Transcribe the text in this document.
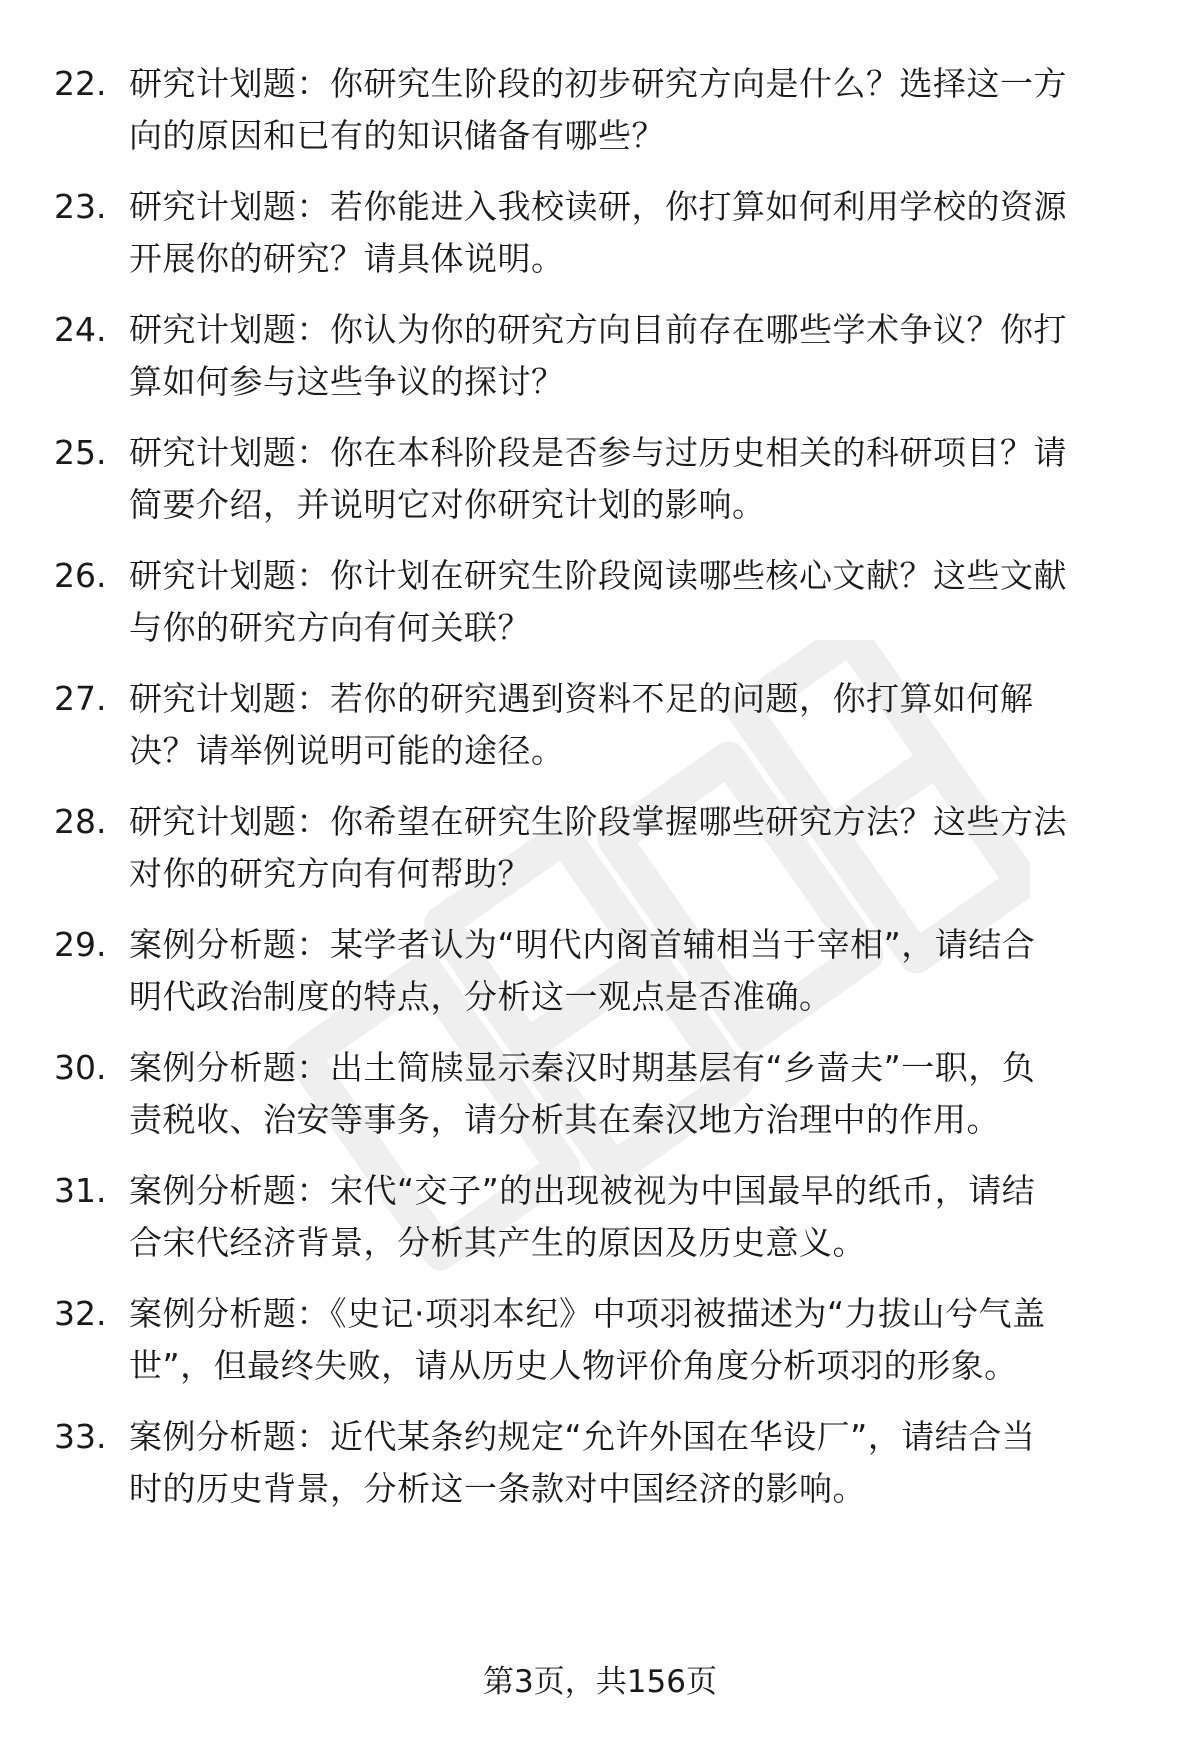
22. 研究计划题：你研究生阶段的初步研究方向是什么？选择这一方
向的原因和已有的知识储备有哪些？
23. 研究计划题：若你能进入我校读研，你打算如何利用学校的资源
开展你的研究？请具体说明。
24. 研究计划题：你认为你的研究方向目前存在哪些学术争议？你打
算如何参与这些争议的探讨？
25. 研究计划题：你在本科阶段是否参与过历史相关的科研项目？请
简要介绍，并说明它对你研究计划的影响。
26. 研究计划题：你计划在研究生阶段阅读哪些核心文献？这些文献
与你的研究方向有何关联？
27. 研究计划题：若你的研究遇到资料不足的问题，你打算如何解
决？请举例说明可能的途径。
28. 研究计划题：你希望在研究生阶段掌握哪些研究方法？这些方法
对你的研究方向有何帮助？
29. 案例分析题：某学者认为“明代内阁首辅相当于宰相”，请结合
明代政治制度的特点，分析这一观点是否准确。
30. 案例分析题：出土简牍显示秦汉时期基层有“乡啬夫”一职，负
责税收、治安等事务，请分析其在秦汉地方治理中的作用。
31. 案例分析题：宋代“交子”的出现被视为中国最早的纸币，请结
合宋代经济背景，分析其产生的原因及历史意义。
32. 案例分析题：《史记·项羽本纪》中项羽被描述为“力拔山兮气盖
世”，但最终失败，请从历史人物评价角度分析项羽的形象。
33. 案例分析题：近代某条约规定“允许外国在华设厂”，请结合当
时的历史背景，分析这一条款对中国经济的影响。
第3页，共156页
